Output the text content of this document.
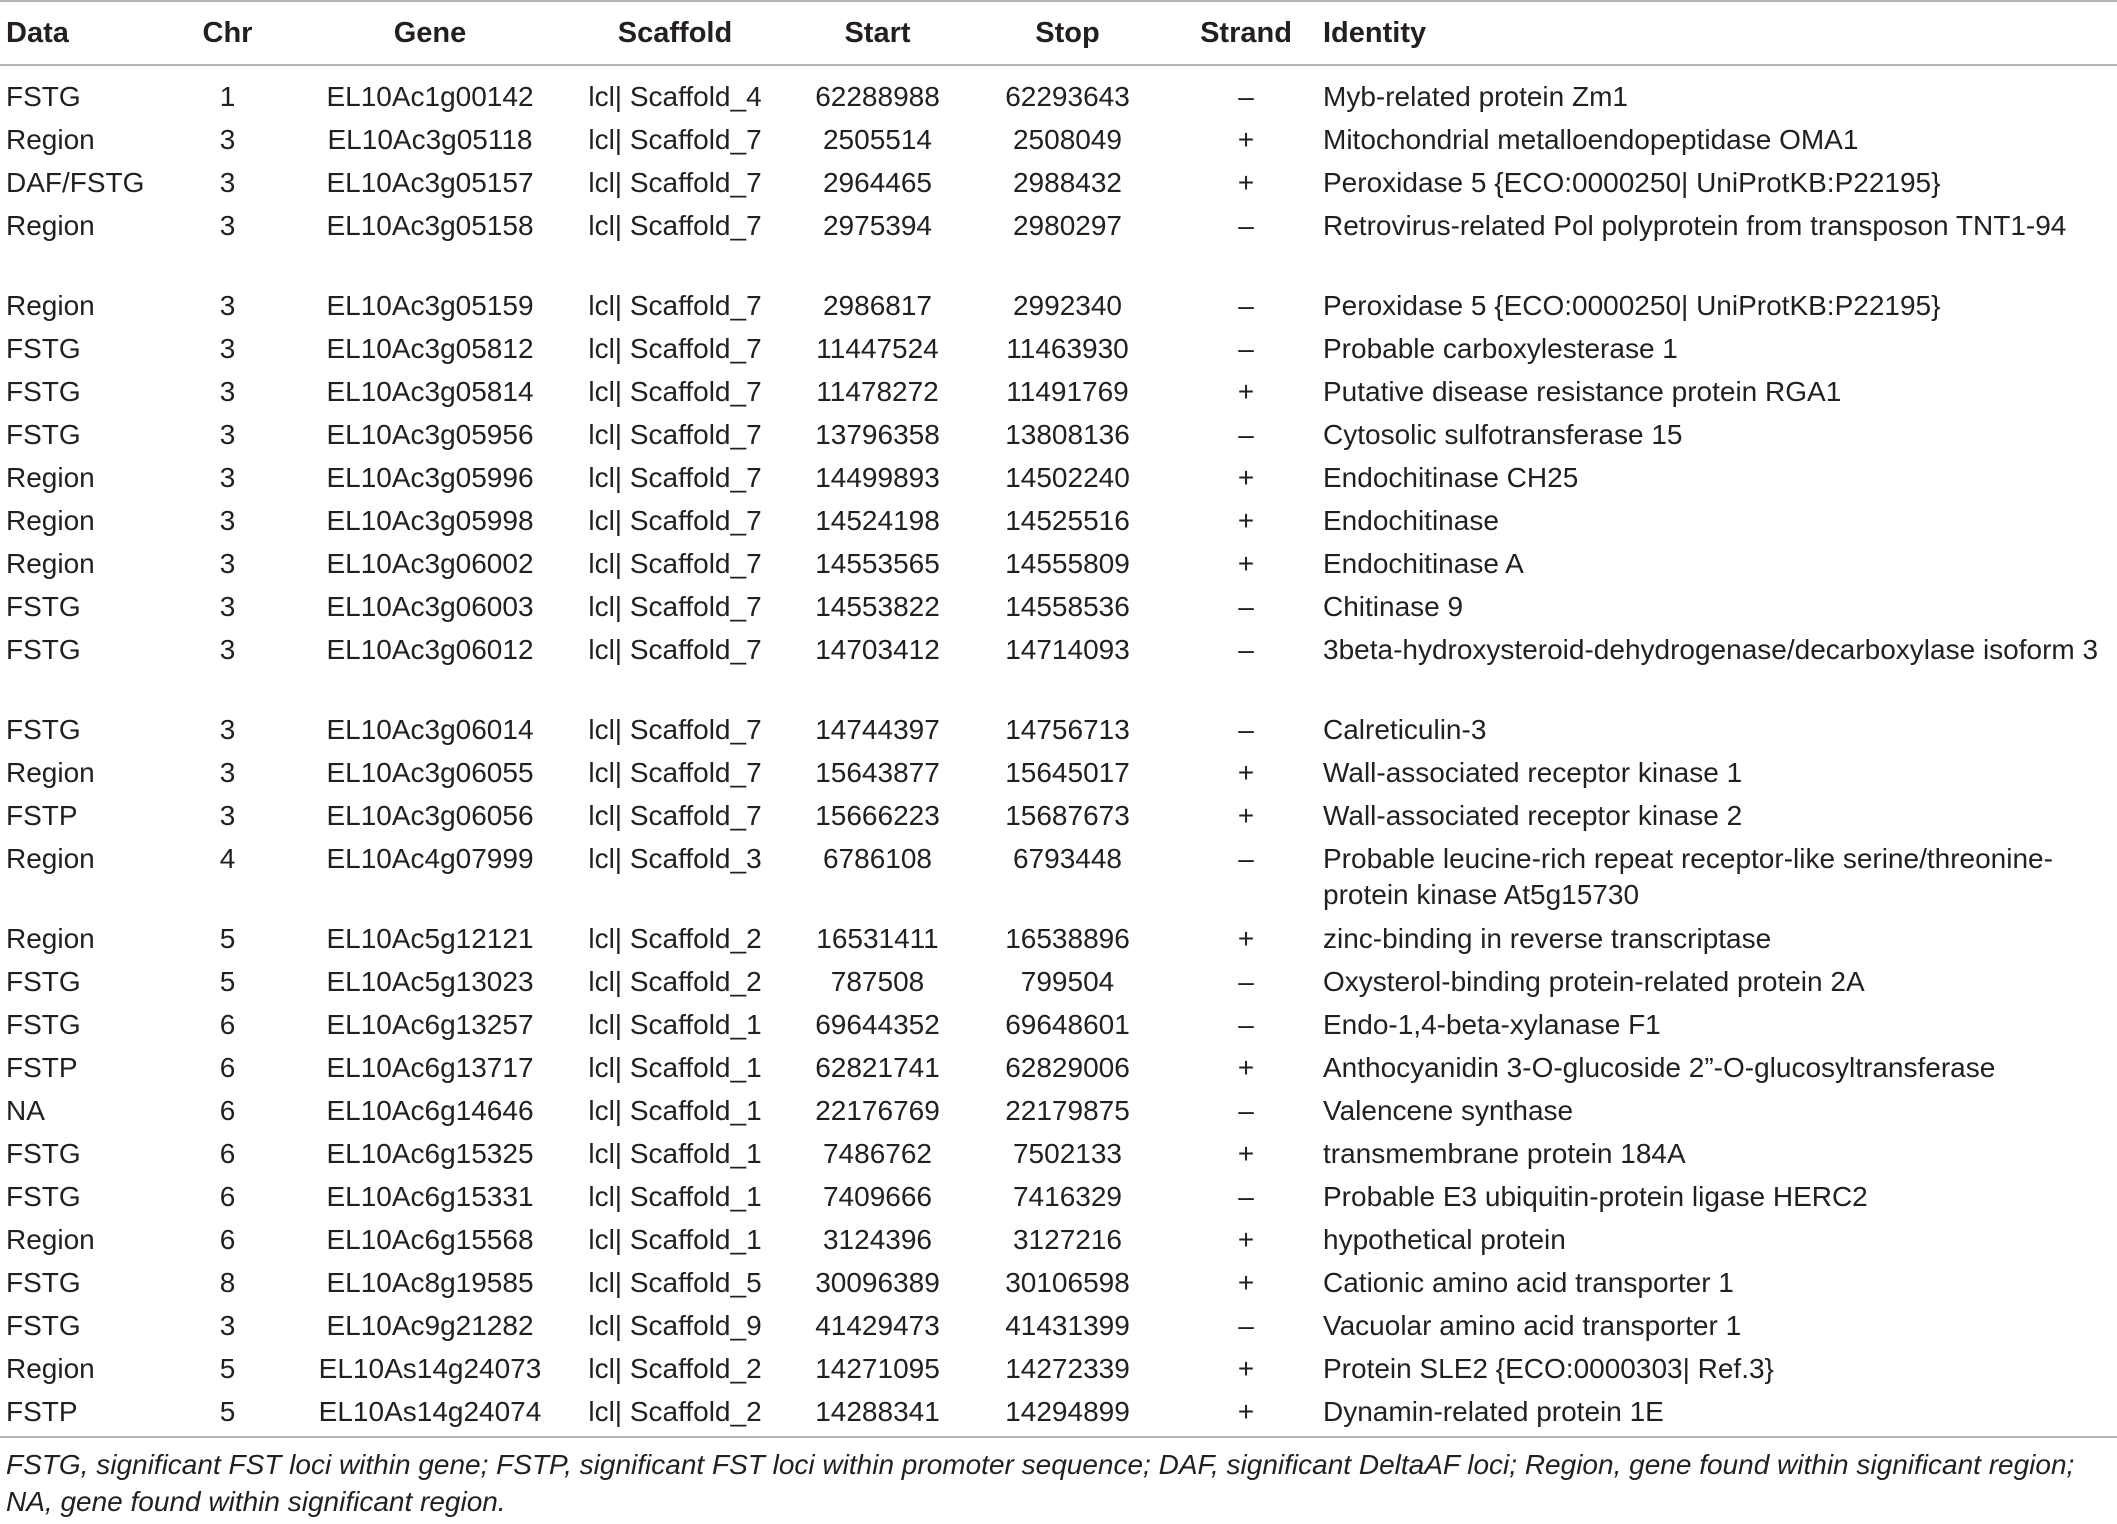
Data	Chr	Gene	Scaffold	Start	Stop	Strand	Identity
FSTG	1	EL10Ac1g00142	lcl| Scaffold_4	62288988	62293643	–	Myb-related protein Zm1
Region	3	EL10Ac3g05118	lcl| Scaffold_7	2505514	2508049	+	Mitochondrial metalloendopeptidase OMA1
DAF/FSTG	3	EL10Ac3g05157	lcl| Scaffold_7	2964465	2988432	+	Peroxidase 5 {ECO:0000250| UniProtKB:P22195}
Region	3	EL10Ac3g05158	lcl| Scaffold_7	2975394	2980297	–	Retrovirus-related Pol polyprotein from transposon TNT1-94
Region	3	EL10Ac3g05159	lcl| Scaffold_7	2986817	2992340	–	Peroxidase 5 {ECO:0000250| UniProtKB:P22195}
FSTG	3	EL10Ac3g05812	lcl| Scaffold_7	11447524	11463930	–	Probable carboxylesterase 1
FSTG	3	EL10Ac3g05814	lcl| Scaffold_7	11478272	11491769	+	Putative disease resistance protein RGA1
FSTG	3	EL10Ac3g05956	lcl| Scaffold_7	13796358	13808136	–	Cytosolic sulfotransferase 15
Region	3	EL10Ac3g05996	lcl| Scaffold_7	14499893	14502240	+	Endochitinase CH25
Region	3	EL10Ac3g05998	lcl| Scaffold_7	14524198	14525516	+	Endochitinase
Region	3	EL10Ac3g06002	lcl| Scaffold_7	14553565	14555809	+	Endochitinase A
FSTG	3	EL10Ac3g06003	lcl| Scaffold_7	14553822	14558536	–	Chitinase 9
FSTG	3	EL10Ac3g06012	lcl| Scaffold_7	14703412	14714093	–	3beta-hydroxysteroid-dehydrogenase/decarboxylase isoform 3
FSTG	3	EL10Ac3g06014	lcl| Scaffold_7	14744397	14756713	–	Calreticulin-3
Region	3	EL10Ac3g06055	lcl| Scaffold_7	15643877	15645017	+	Wall-associated receptor kinase 1
FSTP	3	EL10Ac3g06056	lcl| Scaffold_7	15666223	15687673	+	Wall-associated receptor kinase 2
Region	4	EL10Ac4g07999	lcl| Scaffold_3	6786108	6793448	–	Probable leucine-rich repeat receptor-like serine/threonine-protein kinase At5g15730
Region	5	EL10Ac5g12121	lcl| Scaffold_2	16531411	16538896	+	zinc-binding in reverse transcriptase
FSTG	5	EL10Ac5g13023	lcl| Scaffold_2	787508	799504	–	Oxysterol-binding protein-related protein 2A
FSTG	6	EL10Ac6g13257	lcl| Scaffold_1	69644352	69648601	–	Endo-1,4-beta-xylanase F1
FSTP	6	EL10Ac6g13717	lcl| Scaffold_1	62821741	62829006	+	Anthocyanidin 3-O-glucoside 2”-O-glucosyltransferase
NA	6	EL10Ac6g14646	lcl| Scaffold_1	22176769	22179875	–	Valencene synthase
FSTG	6	EL10Ac6g15325	lcl| Scaffold_1	7486762	7502133	+	transmembrane protein 184A
FSTG	6	EL10Ac6g15331	lcl| Scaffold_1	7409666	7416329	–	Probable E3 ubiquitin-protein ligase HERC2
Region	6	EL10Ac6g15568	lcl| Scaffold_1	3124396	3127216	+	hypothetical protein
FSTG	8	EL10Ac8g19585	lcl| Scaffold_5	30096389	30106598	+	Cationic amino acid transporter 1
FSTG	3	EL10Ac9g21282	lcl| Scaffold_9	41429473	41431399	–	Vacuolar amino acid transporter 1
Region	5	EL10As14g24073	lcl| Scaffold_2	14271095	14272339	+	Protein SLE2 {ECO:0000303| Ref.3}
FSTP	5	EL10As14g24074	lcl| Scaffold_2	14288341	14294899	+	Dynamin-related protein 1E
FSTG, significant FST loci within gene; FSTP, significant FST loci within promoter sequence; DAF, significant DeltaAF loci; Region, gene found within significant region; NA, gene found within significant region.
